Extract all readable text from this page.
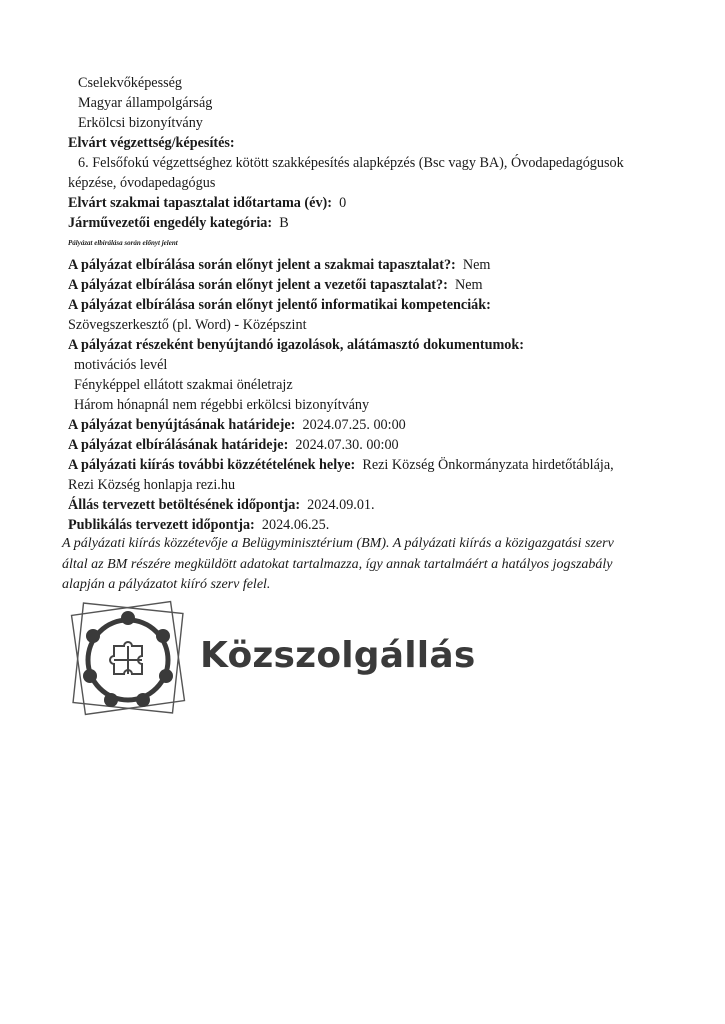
Cselekvőképesség
Magyar állampolgárság
Erkölcsi bizonyítvány
Elvárt végzettség/képesítés:
6. Felsőfokú végzettséghez kötött szakképesítés alapképzés (Bsc vagy BA), Óvodapedagógusok
képzése, óvodapedagógus
Elvárt szakmai tapasztalat időtartama (év): 0
Járművezetői engedély kategória: B
Pályázat elbírálása során előnyt jelent
A pályázat elbírálása során előnyt jelent a szakmai tapasztalat?: Nem
A pályázat elbírálása során előnyt jelent a vezetői tapasztalat?: Nem
A pályázat elbírálása során előnyt jelentő informatikai kompetenciák:
Szövegszerkesztő (pl. Word) - Középszint
A pályázat részeként benyújtandó igazolások, alátámasztó dokumentumok:
motivációs levél
Fényképpel ellátott szakmai önéletrajz
Három hónapnál nem régebbi erkölcsi bizonyítvány
A pályázat benyújtásának határideje: 2024.07.25. 00:00
A pályázat elbírálásának határideje: 2024.07.30. 00:00
A pályázati kiírás további közzétételének helye: Rezi Község Önkormányzata hirdetőtáblája,
Rezi Község honlapja rezi.hu
Állás tervezett betöltésének időpontja: 2024.09.01.
Publikálás tervezett időpontja: 2024.06.25.
A pályázati kiírás közzétevője a Belügyminisztérium (BM). A pályázati kiírás a közigazgatási szerv
által az BM részére megküldött adatokat tartalmazza, így annak tartalmáért a hatályos jogszabály
alapján a pályázatot kiíró szerv felel.
Közszolgállás
